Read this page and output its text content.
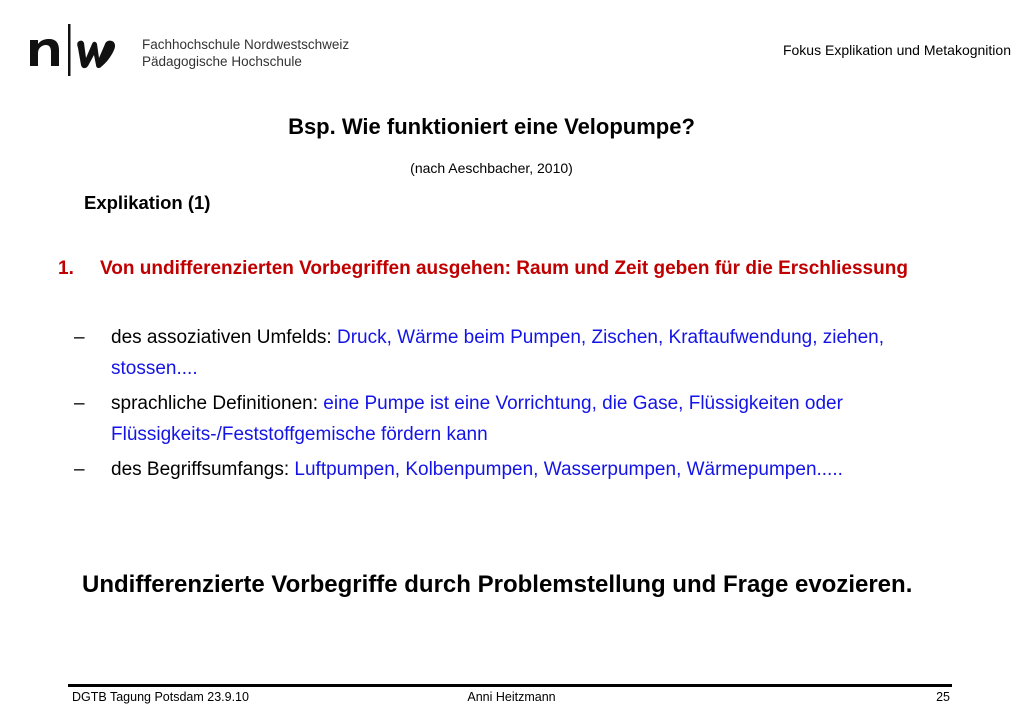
Fachhochschule Nordwestschweiz
Pädagogische Hochschule
Fokus Explikation und Metakognition
Bsp. Wie funktioniert eine Velopumpe?
(nach Aeschbacher, 2010)
Explikation (1)
1. Von undifferenzierten Vorbegriffen ausgehen: Raum und Zeit geben für die Erschliessung
– des assoziativen Umfelds: Druck, Wärme beim Pumpen, Zischen, Kraftaufwendung, ziehen, stossen....
– sprachliche Definitionen: eine Pumpe ist eine Vorrichtung, die Gase, Flüssigkeiten oder Flüssigkeits-/Feststoffgemische fördern kann
– des Begriffsumfangs: Luftpumpen, Kolbenpumpen, Wasserpumpen, Wärmepumpen.....
Undifferenzierte Vorbegriffe durch Problemstellung und Frage evozieren.
DGTB Tagung Potsdam 23.9.10	Anni Heitzmann	25
